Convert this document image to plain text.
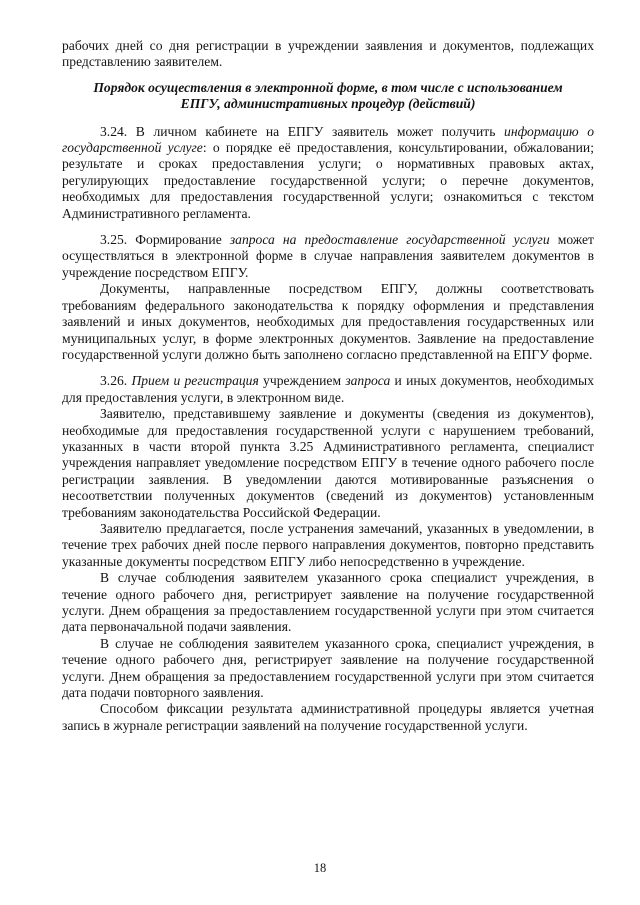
рабочих дней со дня регистрации в учреждении заявления и документов, подлежащих представлению заявителем.

Порядок осуществления в электронной форме, в том числе с использованием ЕПГУ, административных процедур (действий)

3.24. В личном кабинете на ЕПГУ заявитель может получить информацию о государственной услуге: о порядке её предоставления, консультировании, обжаловании; результате и сроках предоставления услуги; о нормативных правовых актах, регулирующих предоставление государственной услуги; о перечне документов, необходимых для предоставления государственной услуги; ознакомиться с текстом Административного регламента.

3.25. Формирование запроса на предоставление государственной услуги может осуществляться в электронной форме в случае направления заявителем документов в учреждение посредством ЕПГУ.

Документы, направленные посредством ЕПГУ, должны соответствовать требованиям федерального законодательства к порядку оформления и представления заявлений и иных документов, необходимых для предоставления государственных или муниципальных услуг, в форме электронных документов. Заявление на предоставление государственной услуги должно быть заполнено согласно представленной на ЕПГУ форме.

3.26. Прием и регистрация учреждением запроса и иных документов, необходимых для предоставления услуги, в электронном виде.

Заявителю, представившему заявление и документы (сведения из документов), необходимые для предоставления государственной услуги с нарушением требований, указанных в части второй пункта 3.25 Административного регламента, специалист учреждения направляет уведомление посредством ЕПГУ в течение одного рабочего после регистрации заявления. В уведомлении даются мотивированные разъяснения о несоответствии полученных документов (сведений из документов) установленным требованиям законодательства Российской Федерации.

Заявителю предлагается, после устранения замечаний, указанных в уведомлении, в течение трех рабочих дней после первого направления документов, повторно представить указанные документы посредством ЕПГУ либо непосредственно в учреждение.

В случае соблюдения заявителем указанного срока специалист учреждения, в течение одного рабочего дня, регистрирует заявление на получение государственной услуги. Днем обращения за предоставлением государственной услуги при этом считается дата первоначальной подачи заявления.

В случае не соблюдения заявителем указанного срока, специалист учреждения, в течение одного рабочего дня, регистрирует заявление на получение государственной услуги. Днем обращения за предоставлением государственной услуги при этом считается дата подачи повторного заявления.

Способом фиксации результата административной процедуры является учетная запись в журнале регистрации заявлений на получение государственной услуги.

18
